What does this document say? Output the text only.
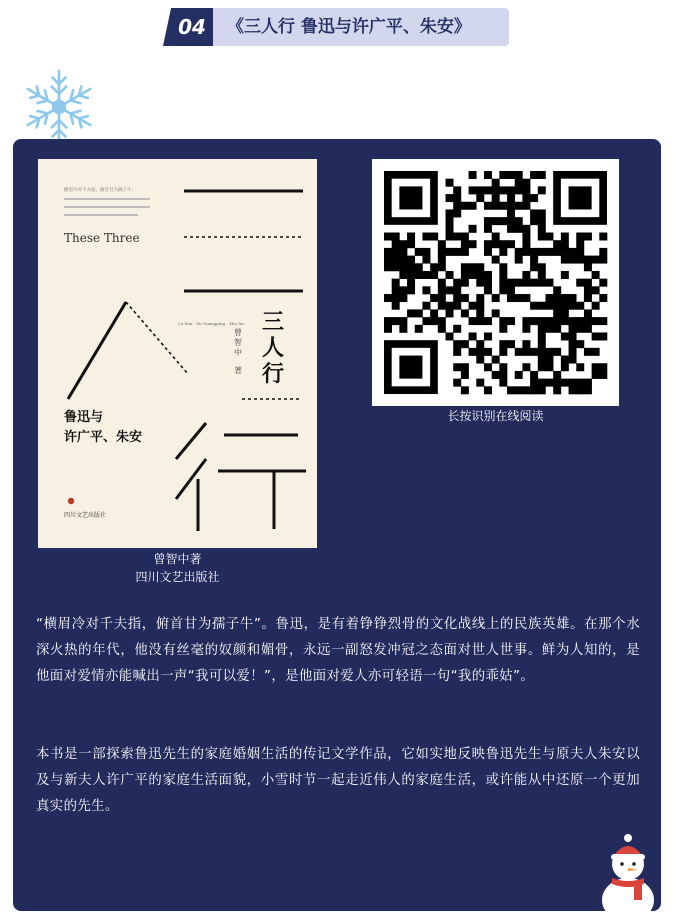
04	《三人行 鲁迅与许广平、朱安》
横眉冷对千夫指，俯首甘为孺子牛。
These Three
Lu Xun · Xu Guangping · Zhu An 三
人
行
曾
智
中
著
鲁迅与
许广平、朱安
四川文艺出版社
长按识别在线阅读
曾智中著
四川文艺出版社
“横眉冷对千夫指，俯首甘为孺子牛”。鲁迅，是有着铮铮烈骨的文化战线上的民族英雄。在那个水深火热的年代，他没有丝毫的奴颜和媚骨，永远一副怒发冲冠之态面对世人世事。鲜为人知的，是他面对爱情亦能喊出一声“我可以爱！”，是他面对爱人亦可轻语一句“我的乖姑”。
本书是一部探索鲁迅先生的家庭婚姻生活的传记文学作品，它如实地反映鲁迅先生与原夫人朱安以及与新夫人许广平的家庭生活面貌，小雪时节一起走近伟人的家庭生活，或许能从中还原一个更加真实的先生。
